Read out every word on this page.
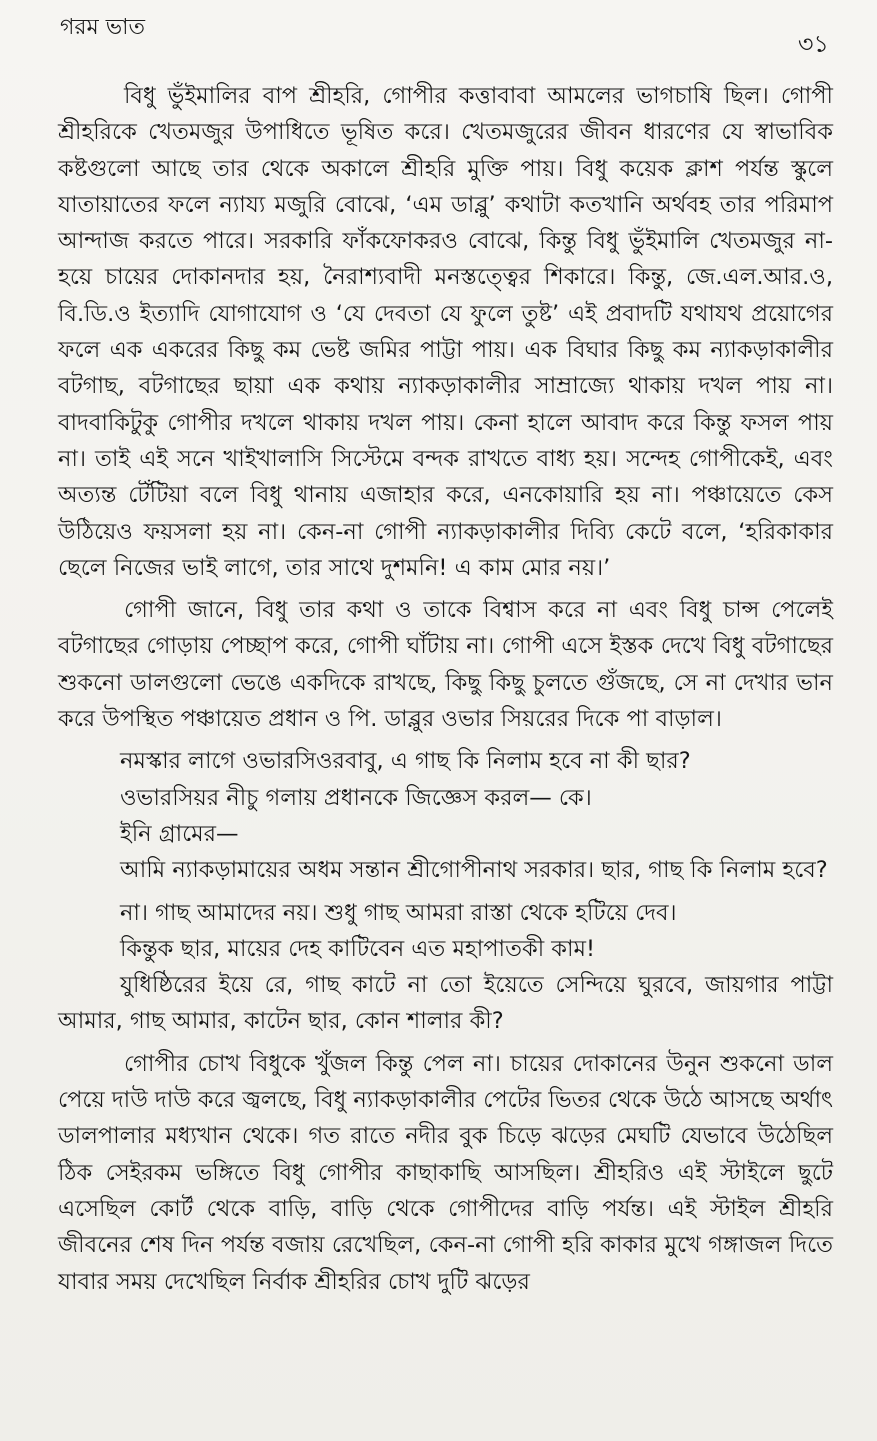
গরম ভাত
৩১

বিধু ভুঁইমালির বাপ শ্রীহরি, গোপীর কত্তাবাবা আমলের ভাগচাষি ছিল। গোপী শ্রীহরিকে খেতমজুর উপাধিতে ভূষিত করে। খেতমজুরের জীবন ধারণের যে স্বাভাবিক কষ্টগুলো আছে তার থেকে অকালে শ্রীহরি মুক্তি পায়। বিধু কয়েক ক্লাশ পর্যন্ত স্কুলে যাতায়াতের ফলে ন্যায্য মজুরি বোঝে, ‘এম ডাব্লু’ কথাটা কতখানি অর্থবহ তার পরিমাপ আন্দাজ করতে পারে। সরকারি ফাঁকফোকরও বোঝে, কিন্তু বিধু ভুঁইমালি খেতমজুর না-হয়ে চায়ের দোকানদার হয়, নৈরাশ্যবাদী মনস্তত্ত্বের শিকারে। কিন্তু, জে.এল.আর.ও, বি.ডি.ও ইত্যাদি যোগাযোগ ও ‘যে দেবতা যে ফুলে তুষ্ট’ এই প্রবাদটি যথাযথ প্রয়োগের ফলে এক একরের কিছু কম ভেষ্ট জমির পাট্টা পায়। এক বিঘার কিছু কম ন্যাকড়াকালীর বটগাছ, বটগাছের ছায়া এক কথায় ন্যাকড়াকালীর সাম্রাজ্যে থাকায় দখল পায় না। বাদবাকিটুকু গোপীর দখলে থাকায় দখল পায়। কেনা হালে আবাদ করে কিন্তু ফসল পায় না। তাই এই সনে খাইখালাসি সিস্টেমে বন্দক রাখতে বাধ্য হয়। সন্দেহ গোপীকেই, এবং অত্যন্ত টেঁটিয়া বলে বিধু থানায় এজাহার করে, এনকোয়ারি হয় না। পঞ্চায়েতে কেস উঠিয়েও ফয়সলা হয় না। কেন-না গোপী ন্যাকড়াকালীর দিব্যি কেটে বলে, ‘হরিকাকার ছেলে নিজের ভাই লাগে, তার সাথে দুশমনি! এ কাম মোর নয়।’

গোপী জানে, বিধু তার কথা ও তাকে বিশ্বাস করে না এবং বিধু চান্স পেলেই বটগাছের গোড়ায় পেচ্ছাপ করে, গোপী ঘাঁটায় না। গোপী এসে ইস্তক দেখে বিধু বটগাছের শুকনো ডালগুলো ভেঙে একদিকে রাখছে, কিছু কিছু চুলতে গুঁজছে, সে না দেখার ভান করে উপস্থিত পঞ্চায়েত প্রধান ও পি. ডাব্লুর ওভার সিয়রের দিকে পা বাড়াল।

নমস্কার লাগে ওভারসিওরবাবু, এ গাছ কি নিলাম হবে না কী ছার?

ওভারসিয়র নীচু গলায় প্রধানকে জিজ্ঞেস করল— কে।

ইনি গ্রামের—

আমি ন্যাকড়ামায়ের অধম সন্তান শ্রীগোপীনাথ সরকার। ছার, গাছ কি নিলাম হবে?

না। গাছ আমাদের নয়। শুধু গাছ আমরা রাস্তা থেকে হটিয়ে দেব।

কিন্তুক ছার, মায়ের দেহ কাটিবেন এত মহাপাতকী কাম!

যুধিষ্ঠিরের ইয়ে রে, গাছ কাটে না তো ইয়েতে সেন্দিয়ে ঘুরবে, জায়গার পাট্টা আমার, গাছ আমার, কাটেন ছার, কোন শালার কী?

গোপীর চোখ বিধুকে খুঁজল কিন্তু পেল না। চায়ের দোকানের উনুন শুকনো ডাল পেয়ে দাউ দাউ করে জ্বলছে, বিধু ন্যাকড়াকালীর পেটের ভিতর থেকে উঠে আসছে অর্থাৎ ডালপালার মধ্যখান থেকে। গত রাতে নদীর বুক চিড়ে ঝড়ের মেঘটি যেভাবে উঠেছিল ঠিক সেইরকম ভঙ্গিতে বিধু গোপীর কাছাকাছি আসছিল। শ্রীহরিও এই স্টাইলে ছুটে এসেছিল কোর্ট থেকে বাড়ি, বাড়ি থেকে গোপীদের বাড়ি পর্যন্ত। এই স্টাইল শ্রীহরি জীবনের শেষ দিন পর্যন্ত বজায় রেখেছিল, কেন-না গোপী হরি কাকার মুখে গঙ্গাজল দিতে যাবার সময় দেখেছিল নির্বাক শ্রীহরির চোখ দুটি ঝড়ের
